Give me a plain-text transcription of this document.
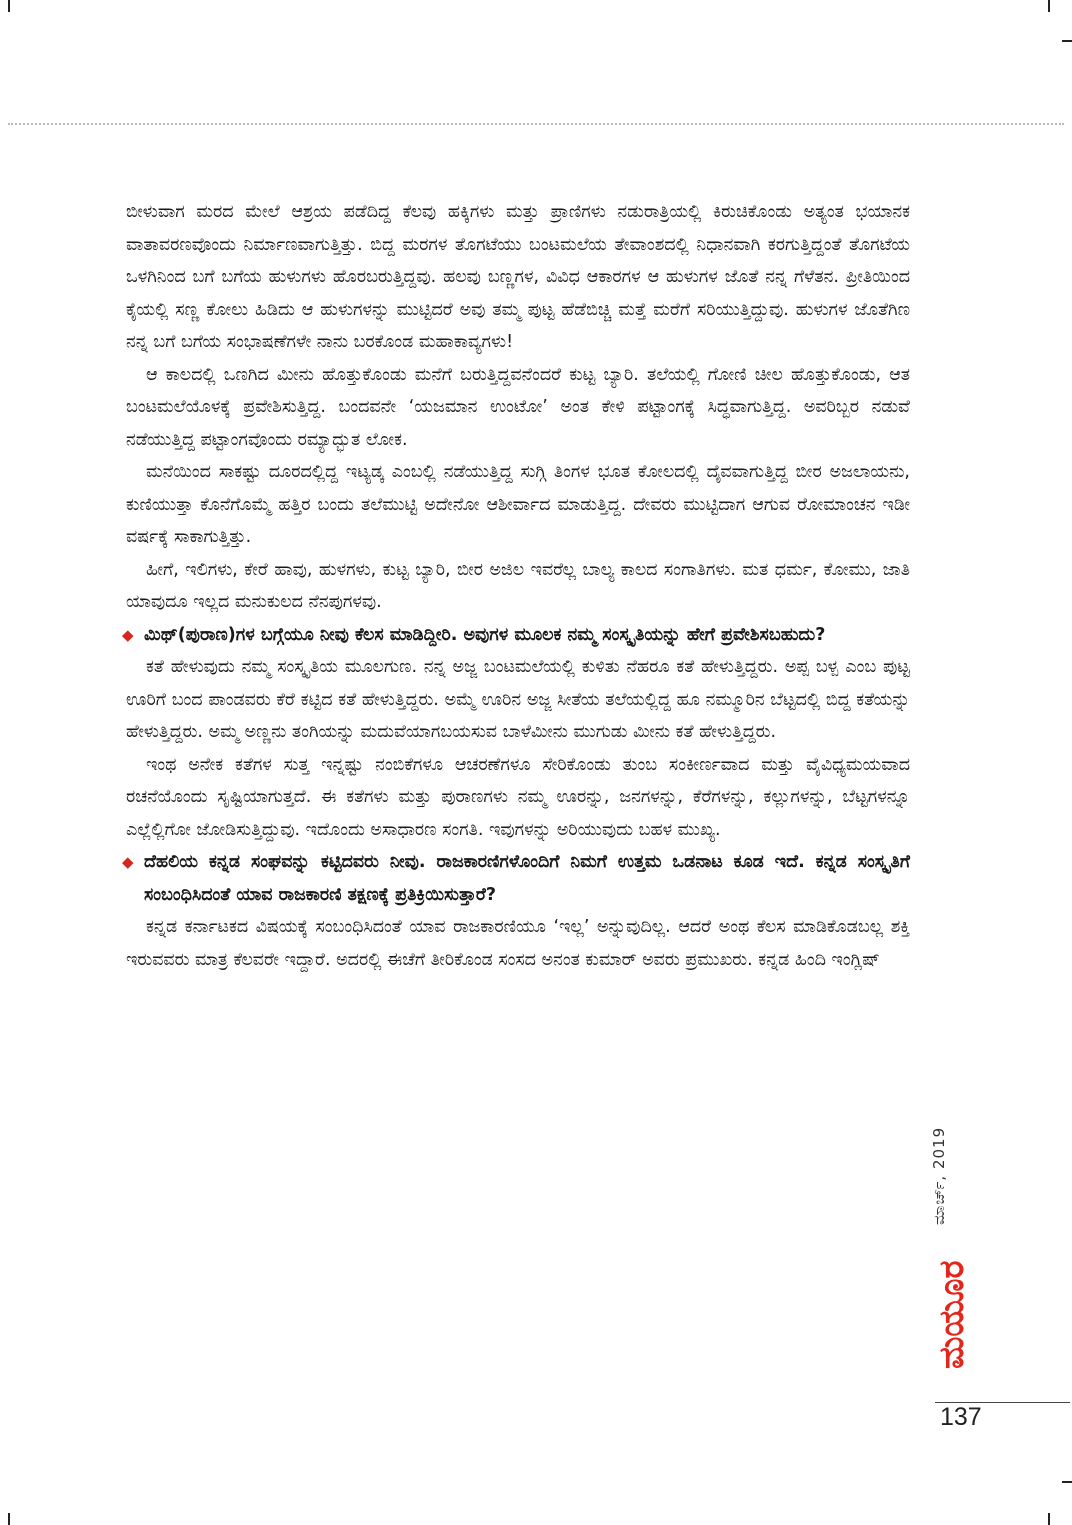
ಬೀಳುವಾಗ ಮರದ ಮೇಲೆ ಆಶ್ರಯ ಪಡೆದಿದ್ದ ಕೆಲವು ಹಕ್ಕಿಗಳು ಮತ್ತು ಪ್ರಾಣಿಗಳು ನಡುರಾತ್ರಿಯಲ್ಲಿ ಕಿರುಚಿಕೊಂಡು ಅತ್ಯಂತ ಭಯಾನಕ ವಾತಾವರಣವೊಂದು ನಿರ್ಮಾಣವಾಗುತ್ತಿತ್ತು. ಬಿದ್ದ ಮರಗಳ ತೊಗಟೆಯು ಬಂಟಮಲೆಯ ತೇವಾಂಶದಲ್ಲಿ ನಿಧಾನವಾಗಿ ಕರಗುತ್ತಿದ್ದಂತೆ ತೊಗಟೆಯ ಒಳಗಿನಿಂದ ಬಗೆ ಬಗೆಯ ಹುಳುಗಳು ಹೊರಬರುತ್ತಿದ್ದವು. ಹಲವು ಬಣ್ಣಗಳ, ವಿವಿಧ ಆಕಾರಗಳ ಆ ಹುಳುಗಳ ಜೊತೆ ನನ್ನ ಗೆಳೆತನ. ಪ್ರೀತಿಯಿಂದ ಕೈಯಲ್ಲಿ ಸಣ್ಣ ಕೋಲು ಹಿಡಿದು ಆ ಹುಳುಗಳನ್ನು ಮುಟ್ಟಿದರೆ ಅವು ತಮ್ಮ ಪುಟ್ಟ ಹೆಡೆಬಿಚ್ಚಿ ಮತ್ತೆ ಮರೆಗೆ ಸರಿಯುತ್ತಿದ್ದುವು. ಹುಳುಗಳ ಜೊತೆಗಿಣ ನನ್ನ ಬಗೆ ಬಗೆಯ ಸಂಭಾಷಣೆಗಳೇ ನಾನು ಬರಕೊಂಡ ಮಹಾಕಾವ್ಯಗಳು!

ಆ ಕಾಲದಲ್ಲಿ ಒಣಗಿದ ಮೀನು ಹೊತ್ತುಕೊಂಡು ಮನೆಗೆ ಬರುತ್ತಿದ್ದವನೆಂದರೆ ಕುಟ್ಟ ಬ್ಯಾರಿ. ತಲೆಯಲ್ಲಿ ಗೋಣಿ ಚೀಲ ಹೊತ್ತುಕೊಂಡು, ಆತ ಬಂಟಮಲೆಯೊಳಕ್ಕೆ ಪ್ರವೇಶಿಸುತ್ತಿದ್ದ. ಬಂದವನೇ ‘ಯಜಮಾನ ಉಂಟೋ’ ಅಂತ ಕೇಳಿ ಪಟ್ಟಾಂಗಕ್ಕೆ ಸಿದ್ಧವಾಗುತ್ತಿದ್ದ. ಅವರಿಬ್ಬರ ನಡುವೆ ನಡೆಯುತ್ತಿದ್ದ ಪಟ್ಟಾಂಗವೊಂದು ರಮ್ಯಾದ್ಭುತ ಲೋಕ.

ಮನೆಯಿಂದ ಸಾಕಷ್ಟು ದೂರದಲ್ಲಿದ್ದ ಇಟ್ಯಡ್ಕ ಎಂಬಲ್ಲಿ ನಡೆಯುತ್ತಿದ್ದ ಸುಗ್ಗಿ ತಿಂಗಳ ಭೂತ ಕೋಲದಲ್ಲಿ ದೈವವಾಗುತ್ತಿದ್ದ ಬೀರ ಅಜಲಾಯನು, ಕುಣಿಯುತ್ತಾ ಕೊನೆಗೊಮ್ಮೆ ಹತ್ತಿರ ಬಂದು ತಲೆಮುಟ್ಟಿ ಅದೇನೋ ಆಶೀರ್ವಾದ ಮಾಡುತ್ತಿದ್ದ. ದೇವರು ಮುಟ್ಟಿದಾಗ ಆಗುವ ರೋಮಾಂಚನ ಇಡೀ ವರ್ಷಕ್ಕೆ ಸಾಕಾಗುತ್ತಿತ್ತು.

ಹೀಗೆ, ಇಲಿಗಳು, ಕೇರೆ ಹಾವು, ಹುಳಗಳು, ಕುಟ್ಟ ಬ್ಯಾರಿ, ಬೀರ ಅಜಿಲ ಇವರೆಲ್ಲ ಬಾಲ್ಯ ಕಾಲದ ಸಂಗಾತಿಗಳು. ಮತ ಧರ್ಮ, ಕೋಮು, ಜಾತಿ ಯಾವುದೂ ಇಲ್ಲದ ಮನುಕುಲದ ನೆನಪುಗಳವು.

◆ ಮಿಥ್(ಪುರಾಣ)ಗಳ ಬಗ್ಗೆಯೂ ನೀವು ಕೆಲಸ ಮಾಡಿದ್ದೀರಿ. ಅವುಗಳ ಮೂಲಕ ನಮ್ಮ ಸಂಸ್ಕೃತಿಯನ್ನು ಹೇಗೆ ಪ್ರವೇಶಿಸಬಹುದು?

ಕತೆ ಹೇಳುವುದು ನಮ್ಮ ಸಂಸ್ಕೃತಿಯ ಮೂಲಗುಣ. ನನ್ನ ಅಜ್ಜ ಬಂಟಮಲೆಯಲ್ಲಿ ಕುಳಿತು ನೆಹರೂ ಕತೆ ಹೇಳುತ್ತಿದ್ದರು. ಅಪ್ಪ ಬಳ್ಪ ಎಂಬ ಪುಟ್ಟ ಊರಿಗೆ ಬಂದ ಪಾಂಡವರು ಕೆರೆ ಕಟ್ಟಿದ ಕತೆ ಹೇಳುತ್ತಿದ್ದರು. ಅಮ್ಮೆ ಊರಿನ ಅಜ್ಜ ಸೀತೆಯ ತಲೆಯಲ್ಲಿದ್ದ ಹೂ ನಮ್ಮೂರಿನ ಬೆಟ್ಟದಲ್ಲಿ ಬಿದ್ದ ಕತೆಯನ್ನು ಹೇಳುತ್ತಿದ್ದರು. ಅಮ್ಮ ಅಣ್ಣನು ತಂಗಿಯನ್ನು ಮದುವೆಯಾಗಬಯಸುವ ಬಾಳೆಮೀನು ಮುಗುಡು ಮೀನು ಕತೆ ಹೇಳುತ್ತಿದ್ದರು.

ಇಂಥ ಅನೇಕ ಕತೆಗಳ ಸುತ್ತ ಇನ್ನಷ್ಟು ನಂಬಿಕೆಗಳೂ ಆಚರಣೆಗಳೂ ಸೇರಿಕೊಂಡು ತುಂಬ ಸಂಕೀರ್ಣವಾದ ಮತ್ತು ವೈವಿಧ್ಯಮಯವಾದ ರಚನೆಯೊಂದು ಸೃಷ್ಟಿಯಾಗುತ್ತದೆ. ಈ ಕತೆಗಳು ಮತ್ತು ಪುರಾಣಗಳು ನಮ್ಮ ಊರನ್ನು, ಜನಗಳನ್ನು, ಕೆರೆಗಳನ್ನು, ಕಲ್ಲುಗಳನ್ನು, ಬೆಟ್ಟಗಳನ್ನೂ ಎಲ್ಲೆಲ್ಲಿಗೋ ಜೋಡಿಸುತ್ತಿದ್ದುವು. ಇದೊಂದು ಅಸಾಧಾರಣ ಸಂಗತಿ. ಇವುಗಳನ್ನು ಅರಿಯುವುದು ಬಹಳ ಮುಖ್ಯ.

◆ ದೆಹಲಿಯ ಕನ್ನಡ ಸಂಘವನ್ನು ಕಟ್ಟಿದವರು ನೀವು. ರಾಜಕಾರಣಿಗಳೊಂದಿಗೆ ನಿಮಗೆ ಉತ್ತಮ ಒಡನಾಟ ಕೂಡ ಇದೆ. ಕನ್ನಡ ಸಂಸ್ಕೃತಿಗೆ ಸಂಬಂಧಿಸಿದಂತೆ ಯಾವ ರಾಜಕಾರಣಿ ತಕ್ಷಣಕ್ಕೆ ಪ್ರತಿಕ್ರಿಯಿಸುತ್ತಾರೆ?

ಕನ್ನಡ ಕರ್ನಾಟಕದ ವಿಷಯಕ್ಕೆ ಸಂಬಂಧಿಸಿದಂತೆ ಯಾವ ರಾಜಕಾರಣಿಯೂ ‘ಇಲ್ಲ’ ಅನ್ನುವುದಿಲ್ಲ. ಆದರೆ ಅಂಥ ಕೆಲಸ ಮಾಡಿಕೊಡಬಲ್ಲ ಶಕ್ತಿ ಇರುವವರು ಮಾತ್ರ ಕೆಲವರೇ ಇದ್ದಾರೆ. ಅದರಲ್ಲಿ ಈಚೆಗೆ ತೀರಿಕೊಂಡ ಸಂಸದ ಅನಂತ ಕುಮಾರ್ ಅವರು ಪ್ರಮುಖರು. ಕನ್ನಡ ಹಿಂದಿ ಇಂಗ್ಲಿಷ್

ಮಾರ್ಚ್, 2019
ಮಯೂರ
137
